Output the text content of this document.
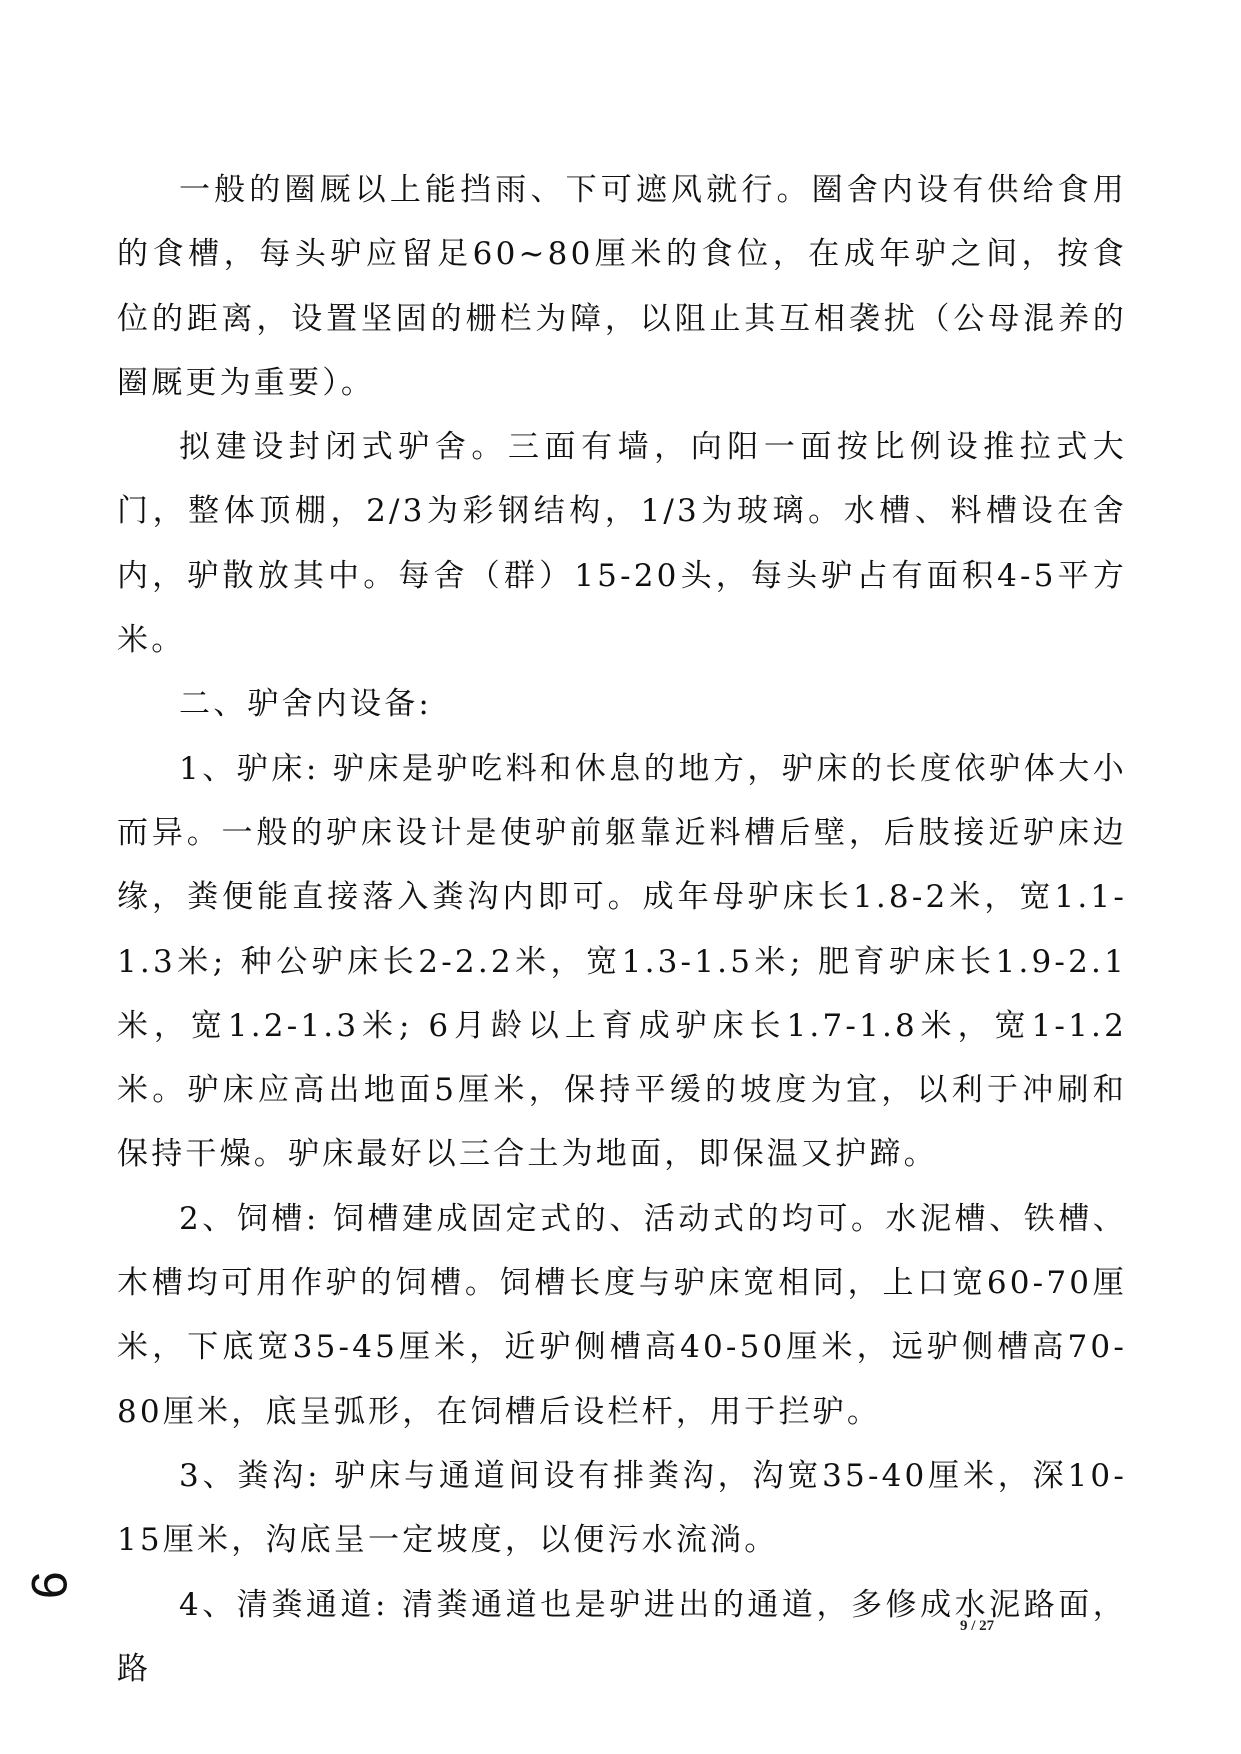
一般的圈厩以上能挡雨、下可遮风就行。圈舍内设有供给食用的食槽，每头驴应留足60~80厘米的食位，在成年驴之间，按食位的距离，设置坚固的栅栏为障，以阻止其互相袭扰（公母混养的圈厩更为重要）。

拟建设封闭式驴舍。三面有墙，向阳一面按比例设推拉式大门，整体顶棚，2/3为彩钢结构，1/3为玻璃。水槽、料槽设在舍内，驴散放其中。每舍（群）15-20头，每头驴占有面积4-5平方米。

二、驴舍内设备:

1、驴床: 驴床是驴吃料和休息的地方，驴床的长度依驴体大小而异。一般的驴床设计是使驴前躯靠近料槽后壁，后肢接近驴床边缘，粪便能直接落入粪沟内即可。成年母驴床长1.8-2米，宽1.1-1.3米; 种公驴床长2-2.2米，宽1.3-1.5米; 肥育驴床长1.9-2.1米，宽1.2-1.3米; 6月龄以上育成驴床长1.7-1.8米，宽1-1.2米。驴床应高出地面5厘米，保持平缓的坡度为宜，以利于冲刷和保持干燥。驴床最好以三合土为地面，即保温又护蹄。

2、饲槽: 饲槽建成固定式的、活动式的均可。水泥槽、铁槽、木槽均可用作驴的饲槽。饲槽长度与驴床宽相同，上口宽60-70厘米，下底宽35-45厘米，近驴侧槽高40-50厘米，远驴侧槽高70-80厘米，底呈弧形，在饲槽后设栏杆，用于拦驴。

3、粪沟: 驴床与通道间设有排粪沟，沟宽35-40厘米，深10-15厘米，沟底呈一定坡度，以便污水流淌。

4、清粪通道: 清粪通道也是驴进出的通道，多修成水泥路面，路

9
9 / 27
